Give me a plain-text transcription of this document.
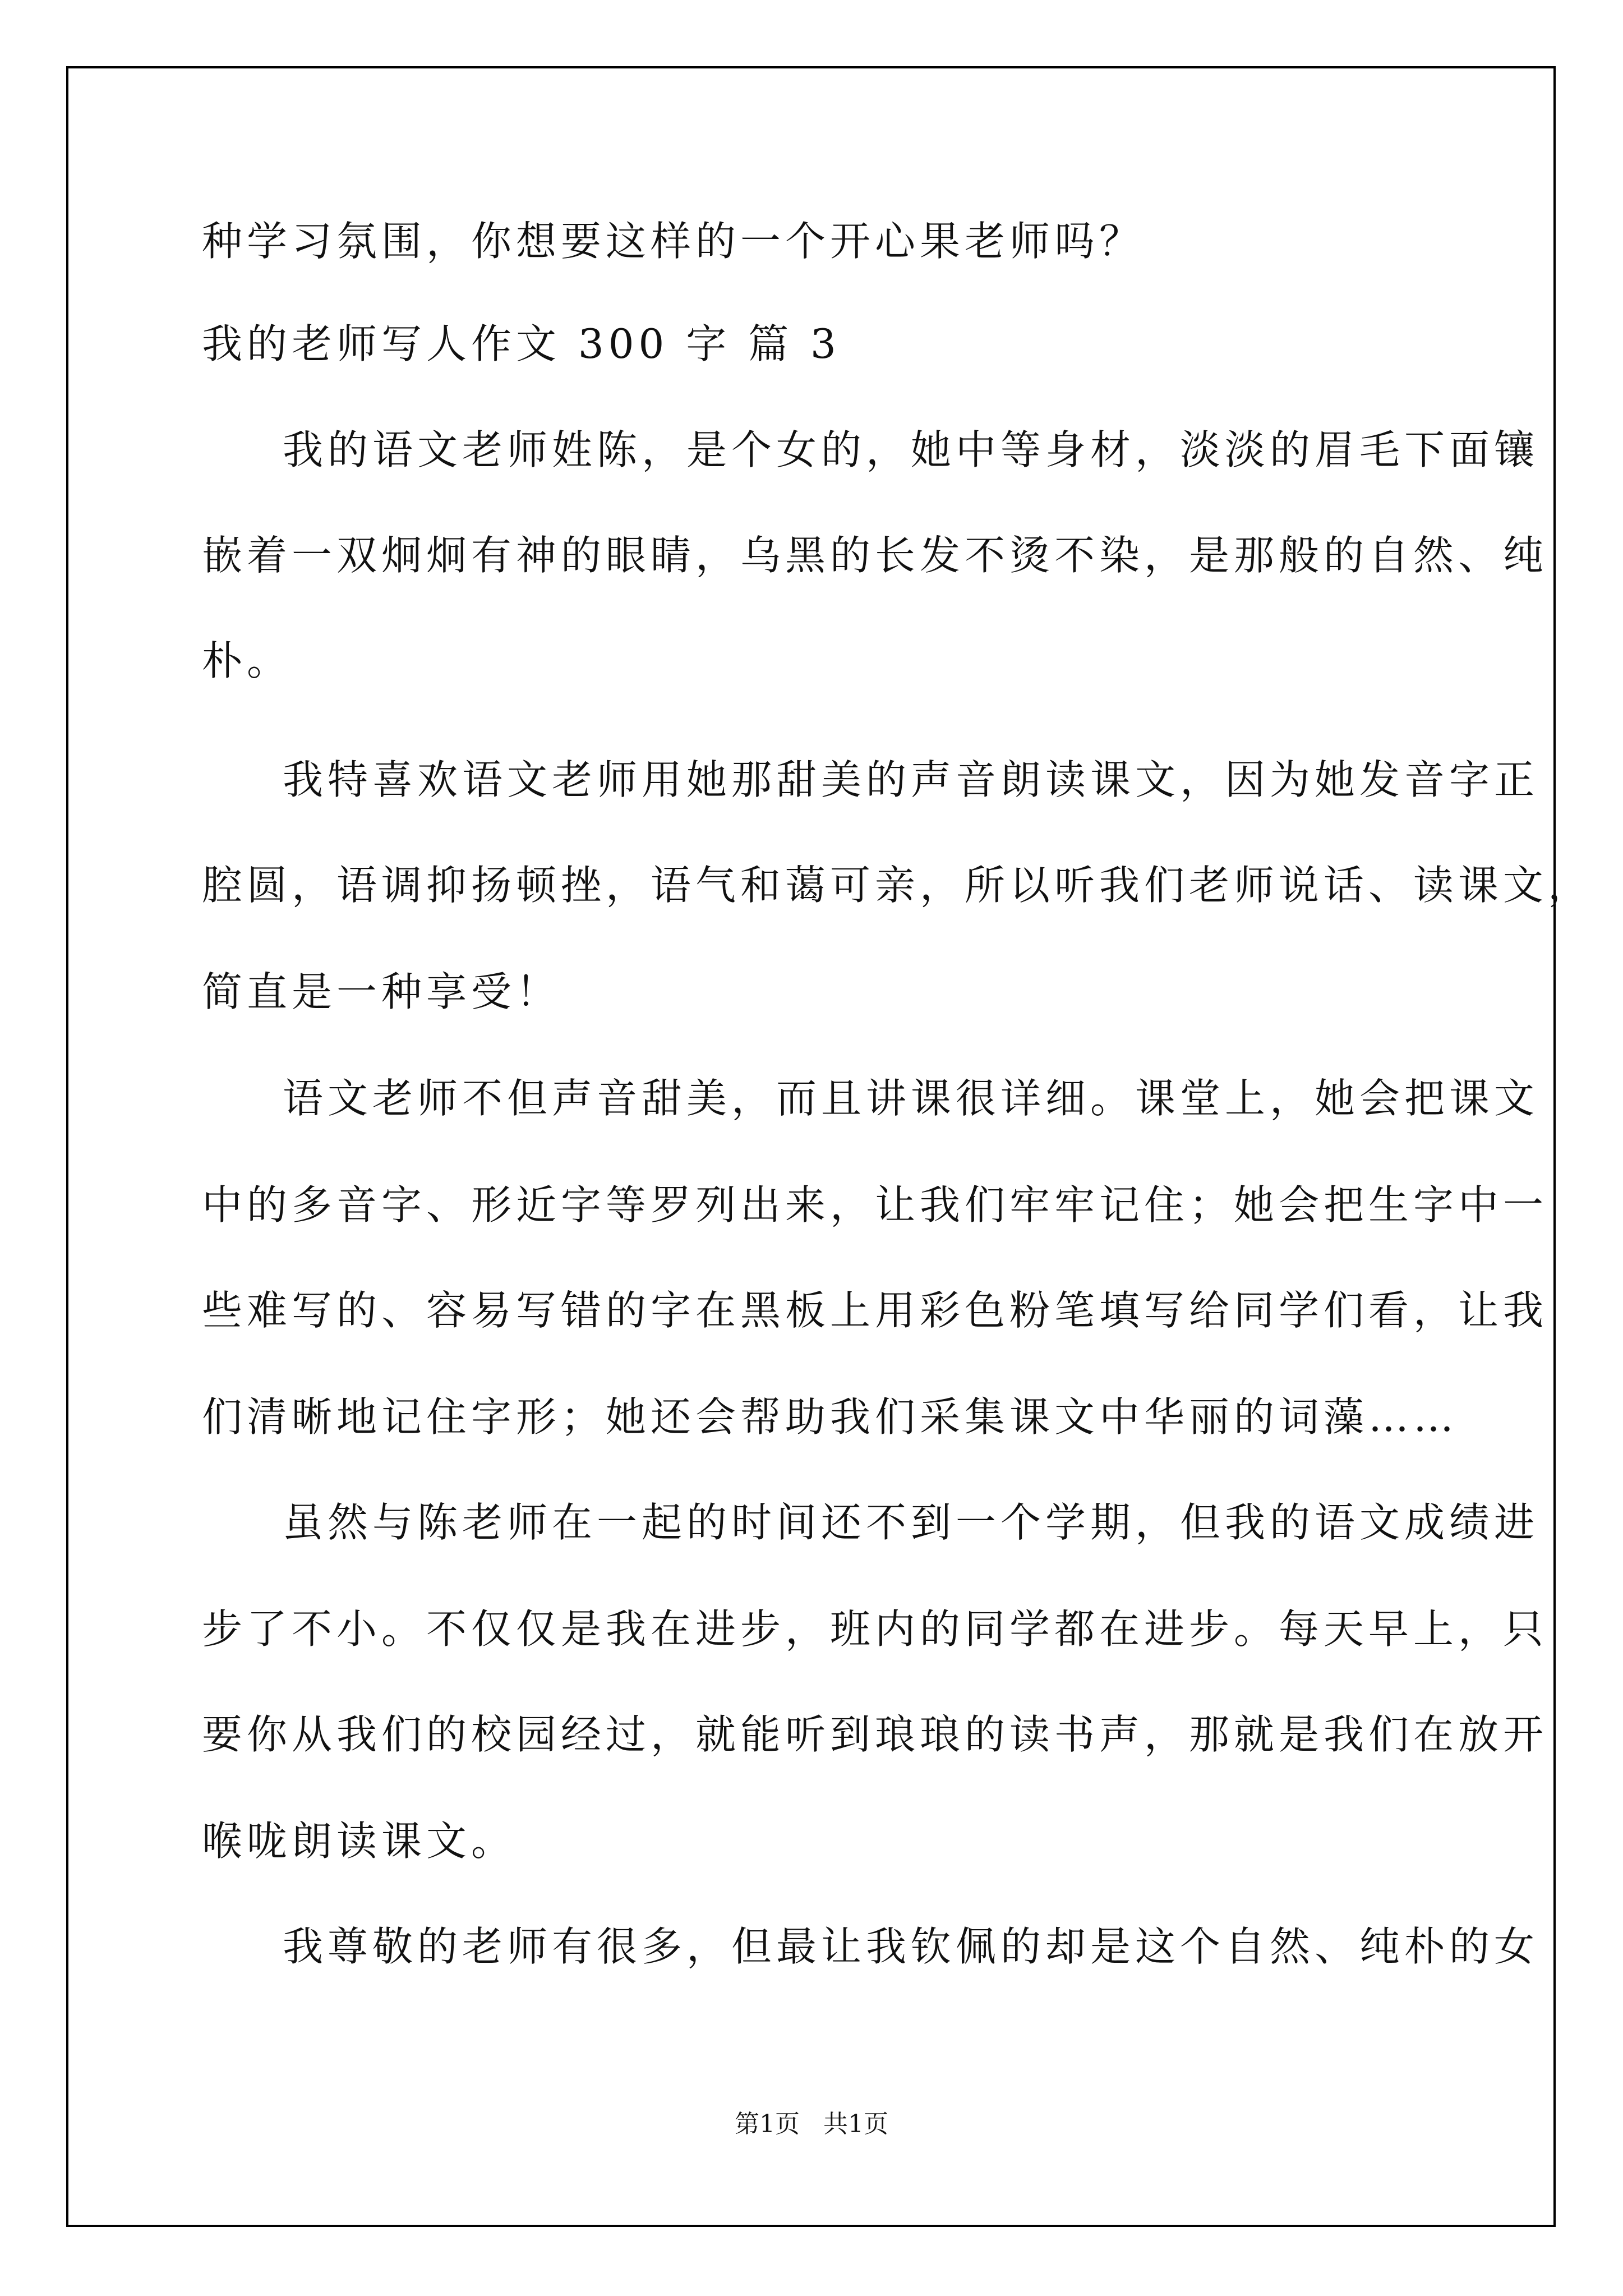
种学习氛围，你想要这样的一个开心果老师吗？
我的老师写人作文 300 字 篇 3
我的语文老师姓陈，是个女的，她中等身材，淡淡的眉毛下面镶
嵌着一双炯炯有神的眼睛，乌黑的长发不烫不染，是那般的自然、纯
朴。
我特喜欢语文老师用她那甜美的声音朗读课文，因为她发音字正
腔圆，语调抑扬顿挫，语气和蔼可亲，所以听我们老师说话、读课文，
简直是一种享受！
语文老师不但声音甜美，而且讲课很详细。课堂上，她会把课文
中的多音字、形近字等罗列出来，让我们牢牢记住；她会把生字中一
些难写的、容易写错的字在黑板上用彩色粉笔填写给同学们看，让我
们清晰地记住字形；她还会帮助我们采集课文中华丽的词藻……
虽然与陈老师在一起的时间还不到一个学期，但我的语文成绩进
步了不小。不仅仅是我在进步，班内的同学都在进步。每天早上，只
要你从我们的校园经过，就能听到琅琅的读书声，那就是我们在放开
喉咙朗读课文。
我尊敬的老师有很多，但最让我钦佩的却是这个自然、纯朴的女
第1页   共1页
